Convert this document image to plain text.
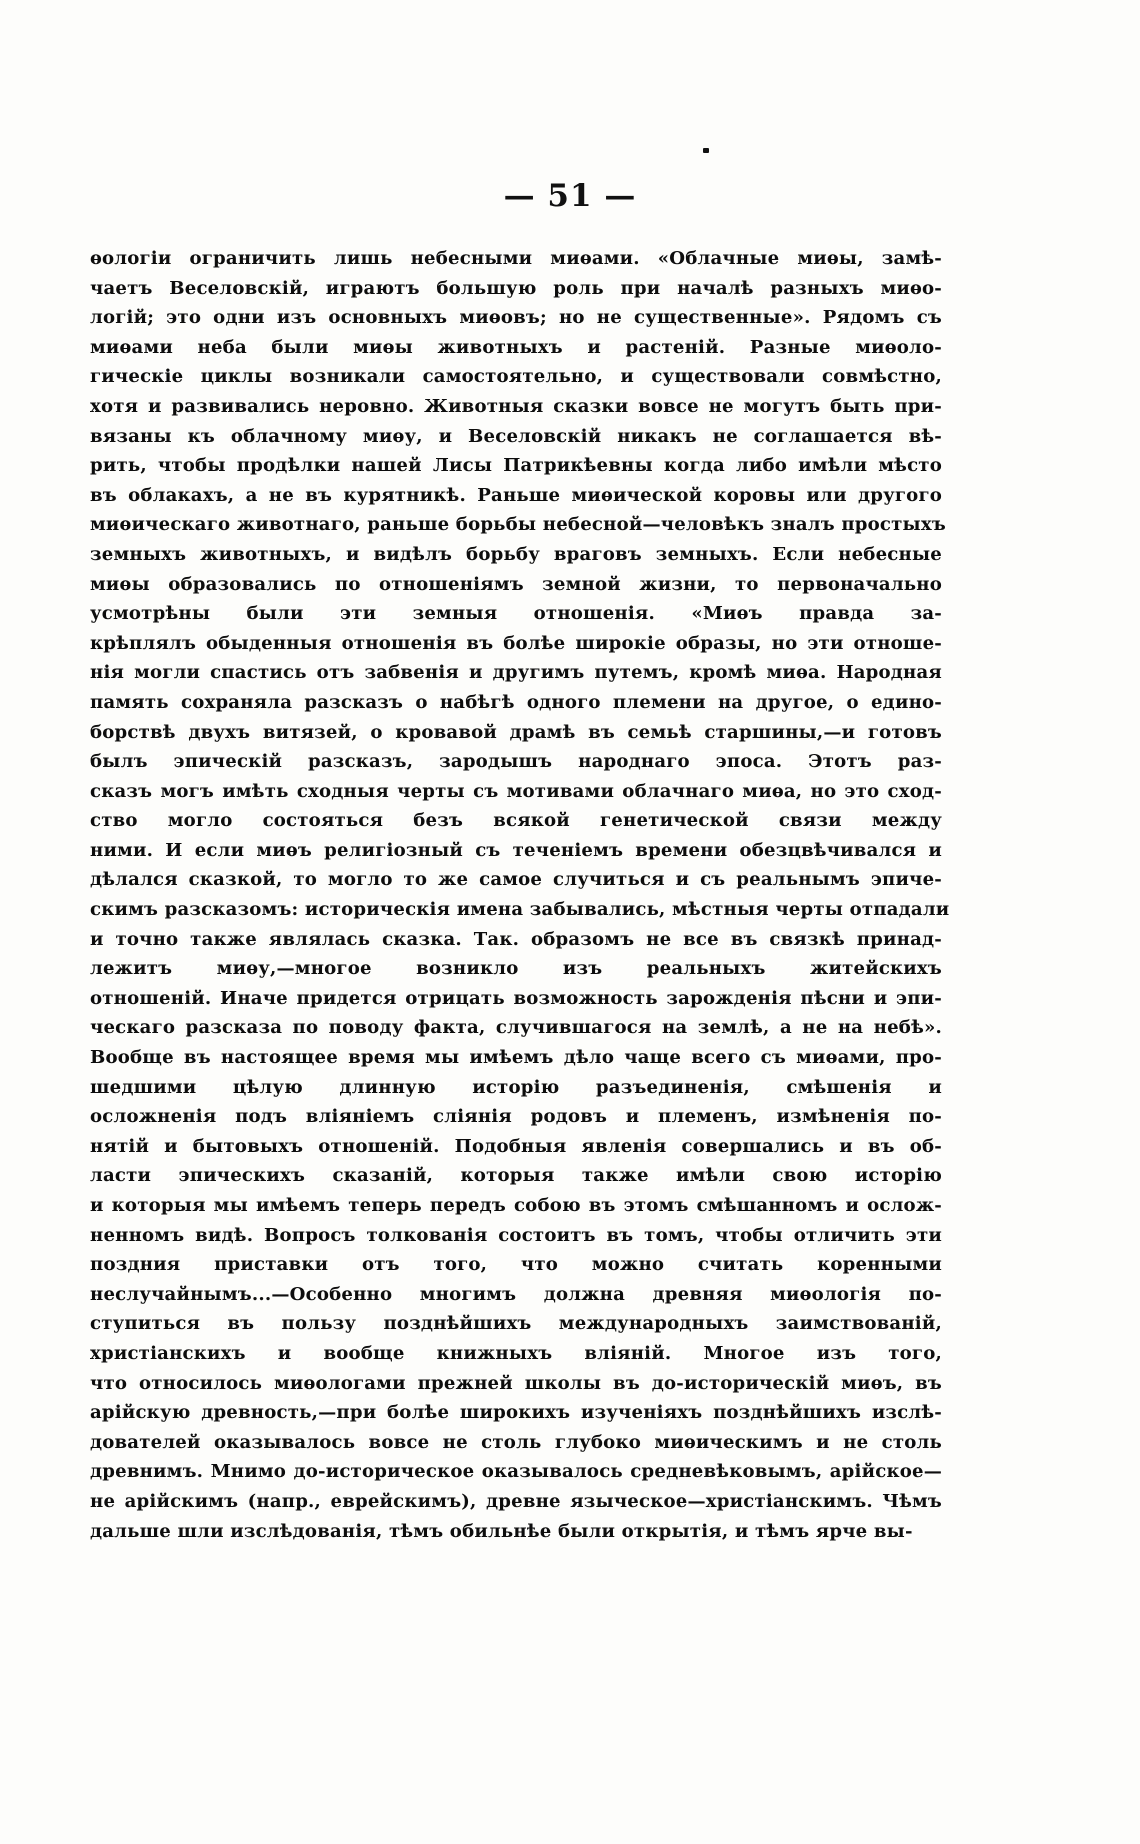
— 51 —
ѳологіи ограничить лишь небесными миѳами. «Облачные миѳы, замѣ-
чаетъ Веселовскій, играютъ большую роль при началѣ разныхъ миѳо-
логій; это одни изъ основныхъ миѳовъ; но не существенные». Рядомъ съ
миѳами неба были миѳы животныхъ и растеній. Разные миѳоло-
гическіе циклы возникали самостоятельно, и существовали совмѣстно,
хотя и развивались неровно. Животныя сказки вовсе не могутъ быть при-
вязаны къ облачному миѳу, и Веселовскій никакъ не соглашается вѣ-
рить, чтобы продѣлки нашей Лисы Патрикѣевны когда либо имѣли мѣсто
въ облакахъ, а не въ курятникѣ. Раньше миѳической коровы или другого
миѳическаго животнаго, раньше борьбы небесной—человѣкъ зналъ простыхъ
земныхъ животныхъ, и видѣлъ борьбу враговъ земныхъ. Если небесные
миѳы образовались по отношеніямъ земной жизни, то первоначально
усмотрѣны были эти земныя отношенія. «Миѳъ правда за-
крѣплялъ обыденныя отношенія въ болѣе широкіе образы, но эти отноше-
нія могли спастись отъ забвенія и другимъ путемъ, кромѣ миѳа. Народная
память сохраняла разсказъ о набѣгѣ одного племени на другое, о едино-
борствѣ двухъ витязей, о кровавой драмѣ въ семьѣ старшины,—и готовъ
былъ эпическій разсказъ, зародышъ народнаго эпоса. Этотъ раз-
сказъ могъ имѣть сходныя черты съ мотивами облачнаго миѳа, но это сход-
ство могло состояться безъ всякой генетической связи между
ними. И если миѳъ религіозный съ теченіемъ времени обезцвѣчивался и
дѣлался сказкой, то могло то же самое случиться и съ реальнымъ эпиче-
скимъ разсказомъ: историческія имена забывались, мѣстныя черты отпадали
и точно также являлась сказка. Так. образомъ не все въ связкѣ принад-
лежитъ миѳу,—многое возникло изъ реальныхъ житейскихъ
отношеній. Иначе придется отрицать возможность зарожденія пѣсни и эпи-
ческаго разсказа по поводу факта, случившагося на землѣ, а не на небѣ».
Вообще въ настоящее время мы имѣемъ дѣло чаще всего съ миѳами, про-
шедшими цѣлую длинную исторію разъединенія, смѣшенія и
осложненія подъ вліяніемъ слiянія родовъ и племенъ, измѣненія по-
нятій и бытовыхъ отношеній. Подобныя явленія совершались и въ об-
ласти эпическихъ сказаній, которыя также имѣли свою исторію
и которыя мы имѣемъ теперь передъ собою въ этомъ смѣшанномъ и ослож-
ненномъ видѣ. Вопросъ толкованія состоитъ въ томъ, чтобы отличить эти
поздния приставки отъ того, что можно считать коренными
неслучайнымъ...—Особенно многимъ должна древняя миѳологія по-
ступиться въ пользу позднѣйшихъ международныхъ заимствованій,
христіанскихъ и вообще книжныхъ вліяній. Многое изъ того,
что относилось миѳологами прежней школы въ до-историческій миѳъ, въ
арійскую древность,—при болѣе широкихъ изученіяхъ позднѣйшихъ изслѣ-
дователей оказывалось вовсе не столь глубоко миѳическимъ и не столь
древнимъ. Мнимо до-историческое оказывалось средневѣковымъ, арійское—
не арійскимъ (напр., еврейскимъ), древне языческое—христіанскимъ. Чѣмъ
дальше шли изслѣдованія, тѣмъ обильнѣе были открытія, и тѣмъ ярче вы-
